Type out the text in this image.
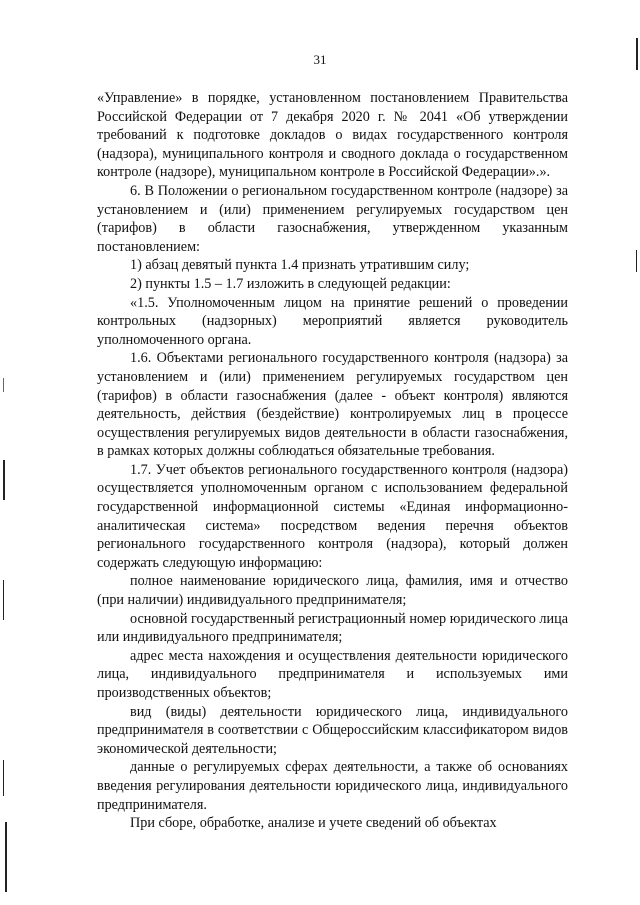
31

«Управление» в порядке, установленном постановлением Правительства Российской Федерации от 7 декабря 2020 г. № 2041 «Об утверждении требований к подготовке докладов о видах государственного контроля (надзора), муниципального контроля и сводного доклада о государственном контроле (надзоре), муниципальном контроле в Российской Федерации».».

6. В Положении о региональном государственном контроле (надзоре) за установлением и (или) применением регулируемых государством цен (тарифов) в области газоснабжения, утвержденном указанным постановлением:

1) абзац девятый пункта 1.4 признать утратившим силу;

2) пункты 1.5 – 1.7 изложить в следующей редакции:

«1.5. Уполномоченным лицом на принятие решений о проведении контрольных (надзорных) мероприятий является руководитель уполномоченного органа.

1.6. Объектами регионального государственного контроля (надзора) за установлением и (или) применением регулируемых государством цен (тарифов) в области газоснабжения (далее - объект контроля) являются деятельность, действия (бездействие) контролируемых лиц в процессе осуществления регулируемых видов деятельности в области газоснабжения, в рамках которых должны соблюдаться обязательные требования.

1.7. Учет объектов регионального государственного контроля (надзора) осуществляется уполномоченным органом с использованием федеральной государственной информационной системы «Единая информационно-аналитическая система» посредством ведения перечня объектов регионального государственного контроля (надзора), который должен содержать следующую информацию:

полное наименование юридического лица, фамилия, имя и отчество (при наличии) индивидуального предпринимателя;

основной государственный регистрационный номер юридического лица или индивидуального предпринимателя;

адрес места нахождения и осуществления деятельности юридического лица, индивидуального предпринимателя и используемых ими производственных объектов;

вид (виды) деятельности юридического лица, индивидуального предпринимателя в соответствии с Общероссийским классификатором видов экономической деятельности;

данные о регулируемых сферах деятельности, а также об основаниях введения регулирования деятельности юридического лица, индивидуального предпринимателя.

При сборе, обработке, анализе и учете сведений об объектах
